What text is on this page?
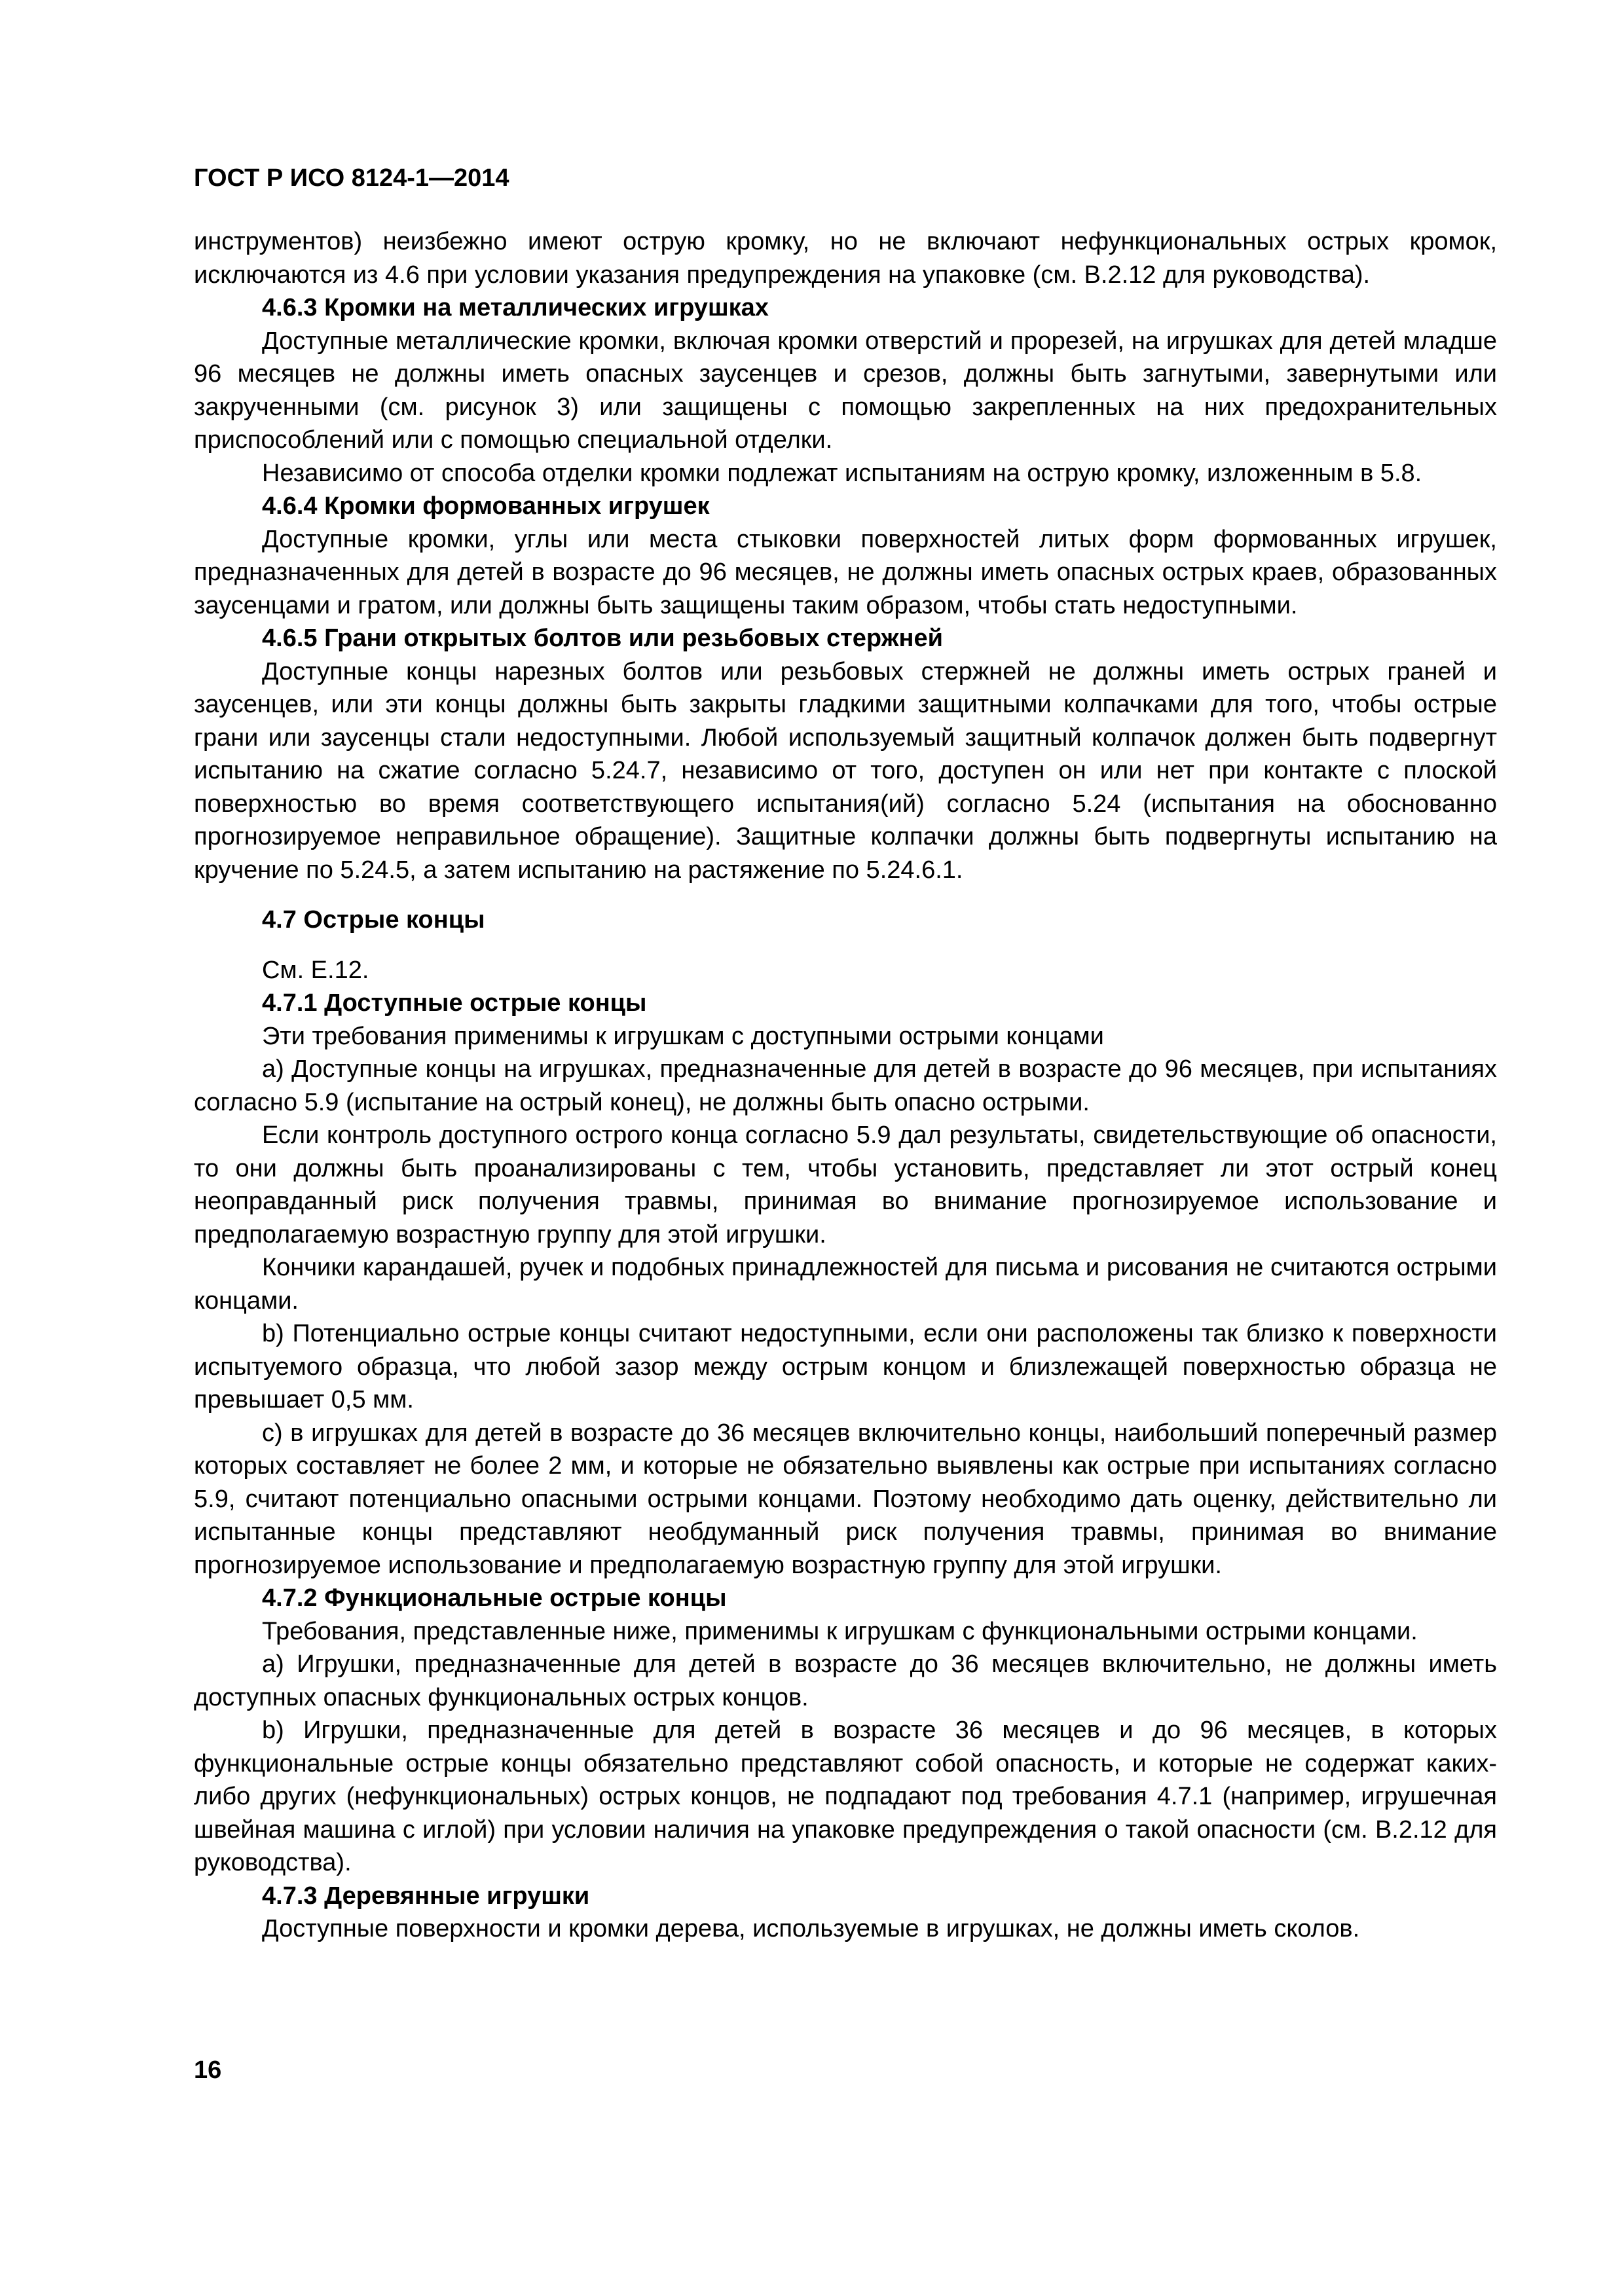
ГОСТ Р ИСО 8124-1—2014

инструментов) неизбежно имеют острую кромку, но не включают нефункциональных острых кромок, исключаются из 4.6 при условии указания предупреждения на упаковке (см. В.2.12 для руководства).

4.6.3 Кромки на металлических игрушках

Доступные металлические кромки, включая кромки отверстий и прорезей, на игрушках для детей младше 96 месяцев не должны иметь опасных заусенцев и срезов, должны быть загнутыми, завернутыми или закрученными (см. рисунок 3) или защищены с помощью закрепленных на них предохранительных приспособлений или с помощью специальной отделки.

Независимо от способа отделки кромки подлежат испытаниям на острую кромку, изложенным в 5.8.

4.6.4 Кромки формованных игрушек

Доступные кромки, углы или места стыковки поверхностей литых форм формованных игрушек, предназначенных для детей в возрасте до 96 месяцев, не должны иметь опасных острых краев, образованных заусенцами и гратом, или должны быть защищены таким образом, чтобы стать недоступными.

4.6.5 Грани открытых болтов или резьбовых стержней

Доступные концы нарезных болтов или резьбовых стержней не должны иметь острых граней и заусенцев, или эти концы должны быть закрыты гладкими защитными колпачками для того, чтобы острые грани или заусенцы стали недоступными. Любой используемый защитный колпачок должен быть подвергнут испытанию на сжатие согласно 5.24.7, независимо от того, доступен он или нет при контакте с плоской поверхностью во время соответствующего испытания(ий) согласно 5.24 (испытания на обоснованно прогнозируемое неправильное обращение). Защитные колпачки должны быть подвергнуты испытанию на кручение по 5.24.5, а затем испытанию на растяжение по 5.24.6.1.

4.7 Острые концы

См. Е.12.

4.7.1 Доступные острые концы

Эти требования применимы к игрушкам с доступными острыми концами

a) Доступные концы на игрушках, предназначенные для детей в возрасте до 96 месяцев, при испытаниях согласно 5.9 (испытание на острый конец), не должны быть опасно острыми.

Если контроль доступного острого конца согласно 5.9 дал результаты, свидетельствующие об опасности, то они должны быть проанализированы с тем, чтобы установить, представляет ли этот острый конец неоправданный риск получения травмы, принимая во внимание прогнозируемое использование и предполагаемую возрастную группу для этой игрушки.

Кончики карандашей, ручек и подобных принадлежностей для письма и рисования не считаются острыми концами.

b) Потенциально острые концы считают недоступными, если они расположены так близко к поверхности испытуемого образца, что любой зазор между острым концом и близлежащей поверхностью образца не превышает 0,5 мм.

c) в игрушках для детей в возрасте до 36 месяцев включительно концы, наибольший поперечный размер которых составляет не более 2 мм, и которые не обязательно выявлены как острые при испытаниях согласно 5.9, считают потенциально опасными острыми концами. Поэтому необходимо дать оценку, действительно ли испытанные концы представляют необдуманный риск получения травмы, принимая во внимание прогнозируемое использование и предполагаемую возрастную группу для этой игрушки.

4.7.2 Функциональные острые концы

Требования, представленные ниже, применимы к игрушкам с функциональными острыми концами.

a) Игрушки, предназначенные для детей в возрасте до 36 месяцев включительно, не должны иметь доступных опасных функциональных острых концов.

b) Игрушки, предназначенные для детей в возрасте 36 месяцев и до 96 месяцев, в которых функциональные острые концы обязательно представляют собой опасность, и которые не содержат каких-либо других (нефункциональных) острых концов, не подпадают под требования 4.7.1 (например, игрушечная швейная машина с иглой) при условии наличия на упаковке предупреждения о такой опасности (см. В.2.12 для руководства).

4.7.3 Деревянные игрушки

Доступные поверхности и кромки дерева, используемые в игрушках, не должны иметь сколов.

16
